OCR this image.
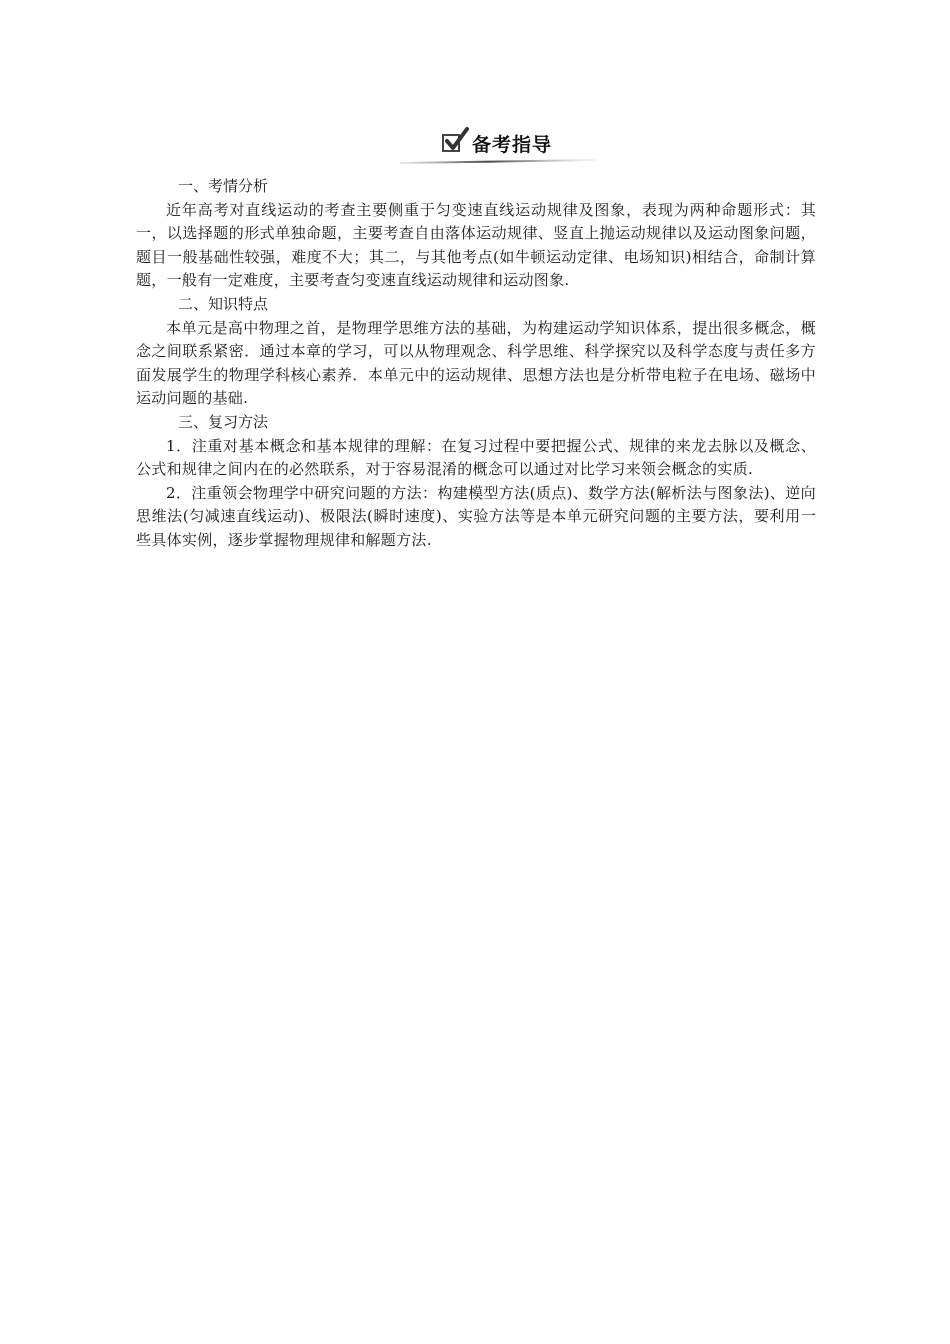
备考指导

一、考情分析

近年高考对直线运动的考查主要侧重于匀变速直线运动规律及图象，表现为两种命题形式：其一，以选择题的形式单独命题，主要考查自由落体运动规律、竖直上抛运动规律以及运动图象问题，题目一般基础性较强，难度不大；其二，与其他考点(如牛顿运动定律、电场知识)相结合，命制计算题，一般有一定难度，主要考查匀变速直线运动规律和运动图象.

二、知识特点

本单元是高中物理之首，是物理学思维方法的基础，为构建运动学知识体系，提出很多概念，概念之间联系紧密．通过本章的学习，可以从物理观念、科学思维、科学探究以及科学态度与责任多方面发展学生的物理学科核心素养．本单元中的运动规律、思想方法也是分析带电粒子在电场、磁场中运动问题的基础.

三、复习方法

1．注重对基本概念和基本规律的理解：在复习过程中要把握公式、规律的来龙去脉以及概念、公式和规律之间内在的必然联系，对于容易混淆的概念可以通过对比学习来领会概念的实质.

2．注重领会物理学中研究问题的方法：构建模型方法(质点)、数学方法(解析法与图象法)、逆向思维法(匀减速直线运动)、极限法(瞬时速度)、实验方法等是本单元研究问题的主要方法，要利用一些具体实例，逐步掌握物理规律和解题方法.
